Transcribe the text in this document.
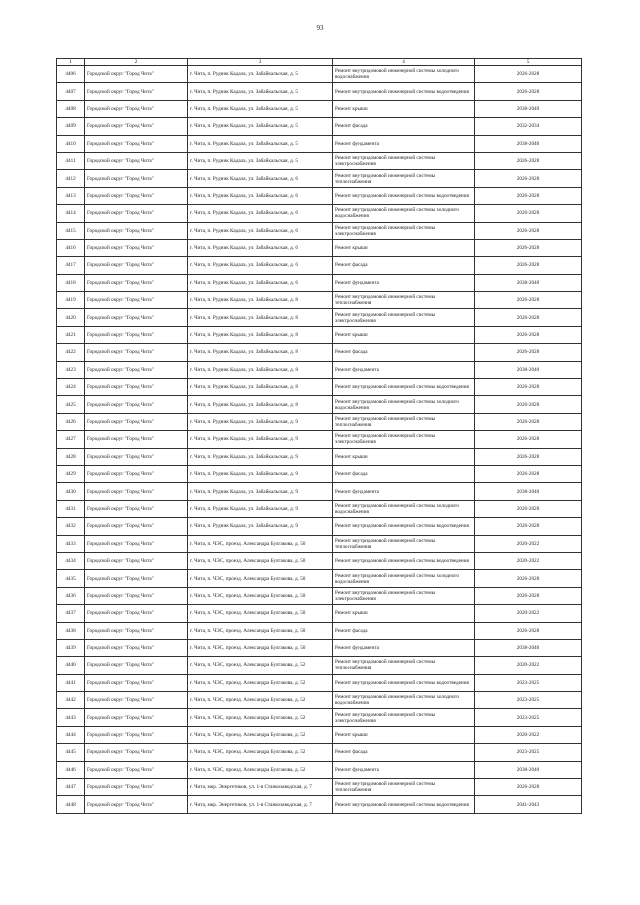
93
1	2	3	4	5
4406	Городской округ "Город Чита"	г. Чита, п. Рудник Кадала, ул. Забайкальская, д. 5	Ремонт внутридомовой инженерной системы холодного водоснабжения	2026-2028
4407	Городской округ "Город Чита"	г. Чита, п. Рудник Кадала, ул. Забайкальская, д. 5	Ремонт внутридомовой инженерной системы водоотведения	2026-2028
4408	Городской округ "Город Чита"	г. Чита, п. Рудник Кадала, ул. Забайкальская, д. 5	Ремонт крыши	2038-2040
4409	Городской округ "Город Чита"	г. Чита, п. Рудник Кадала, ул. Забайкальская, д. 5	Ремонт фасада	2032-2034
4410	Городской округ "Город Чита"	г. Чита, п. Рудник Кадала, ул. Забайкальская, д. 5	Ремонт фундамента	2038-2040
4411	Городской округ "Город Чита"	г. Чита, п. Рудник Кадала, ул. Забайкальская, д. 5	Ремонт внутридомовой инженерной системы электроснабжения	2026-2028
4412	Городской округ "Город Чита"	г. Чита, п. Рудник Кадала, ул. Забайкальская, д. 6	Ремонт внутридомовой инженерной системы теплоснабжения	2026-2028
4413	Городской округ "Город Чита"	г. Чита, п. Рудник Кадала, ул. Забайкальская, д. 6	Ремонт внутридомовой инженерной системы водоотведения	2026-2028
4414	Городской округ "Город Чита"	г. Чита, п. Рудник Кадала, ул. Забайкальская, д. 6	Ремонт внутридомовой инженерной системы холодного водоснабжения	2026-2028
4415	Городской округ "Город Чита"	г. Чита, п. Рудник Кадала, ул. Забайкальская, д. 6	Ремонт внутридомовой инженерной системы электроснабжения	2026-2028
4416	Городской округ "Город Чита"	г. Чита, п. Рудник Кадала, ул. Забайкальская, д. 6	Ремонт крыши	2026-2028
4417	Городской округ "Город Чита"	г. Чита, п. Рудник Кадала, ул. Забайкальская, д. 6	Ремонт фасада	2026-2028
4418	Городской округ "Город Чита"	г. Чита, п. Рудник Кадала, ул. Забайкальская, д. 6	Ремонт фундамента	2038-2040
4419	Городской округ "Город Чита"	г. Чита, п. Рудник Кадала, ул. Забайкальская, д. 8	Ремонт внутридомовой инженерной системы теплоснабжения	2026-2028
4420	Городской округ "Город Чита"	г. Чита, п. Рудник Кадала, ул. Забайкальская, д. 8	Ремонт внутридомовой инженерной системы электроснабжения	2026-2028
4421	Городской округ "Город Чита"	г. Чита, п. Рудник Кадала, ул. Забайкальская, д. 8	Ремонт крыши	2026-2028
4422	Городской округ "Город Чита"	г. Чита, п. Рудник Кадала, ул. Забайкальская, д. 8	Ремонт фасада	2026-2028
4423	Городской округ "Город Чита"	г. Чита, п. Рудник Кадала, ул. Забайкальская, д. 8	Ремонт фундамента	2038-2040
4424	Городской округ "Город Чита"	г. Чита, п. Рудник Кадала, ул. Забайкальская, д. 8	Ремонт внутридомовой инженерной системы водоотведения	2026-2028
4425	Городской округ "Город Чита"	г. Чита, п. Рудник Кадала, ул. Забайкальская, д. 8	Ремонт внутридомовой инженерной системы холодного водоснабжения	2026-2028
4426	Городской округ "Город Чита"	г. Чита, п. Рудник Кадала, ул. Забайкальская, д. 9	Ремонт внутридомовой инженерной системы теплоснабжения	2026-2028
4427	Городской округ "Город Чита"	г. Чита, п. Рудник Кадала, ул. Забайкальская, д. 9	Ремонт внутридомовой инженерной системы электроснабжения	2026-2028
4428	Городской округ "Город Чита"	г. Чита, п. Рудник Кадала, ул. Забайкальская, д. 9	Ремонт крыши	2026-2028
4429	Городской округ "Город Чита"	г. Чита, п. Рудник Кадала, ул. Забайкальская, д. 9	Ремонт фасада	2026-2028
4430	Городской округ "Город Чита"	г. Чита, п. Рудник Кадала, ул. Забайкальская, д. 9	Ремонт фундамента	2038-2040
4431	Городской округ "Город Чита"	г. Чита, п. Рудник Кадала, ул. Забайкальская, д. 9	Ремонт внутридомовой инженерной системы холодного водоснабжения	2026-2028
4432	Городской округ "Город Чита"	г. Чита, п. Рудник Кадала, ул. Забайкальская, д. 9	Ремонт внутридомовой инженерной системы водоотведения	2026-2028
4433	Городской округ "Город Чита"	г. Чита, п. ЧЭС, проезд. Александра Булгакова, д. 50	Ремонт внутридомовой инженерной системы теплоснабжения	2020-2022
4434	Городской округ "Город Чита"	г. Чита, п. ЧЭС, проезд. Александра Булгакова, д. 50	Ремонт внутридомовой инженерной системы водоотведения	2020-2022
4435	Городской округ "Город Чита"	г. Чита, п. ЧЭС, проезд. Александра Булгакова, д. 50	Ремонт внутридомовой инженерной системы холодного водоснабжения	2026-2028
4436	Городской округ "Город Чита"	г. Чита, п. ЧЭС, проезд. Александра Булгакова, д. 50	Ремонт внутридомовой инженерной системы электроснабжения	2026-2028
4437	Городской округ "Город Чита"	г. Чита, п. ЧЭС, проезд. Александра Булгакова, д. 50	Ремонт крыши	2020-2022
4438	Городской округ "Город Чита"	г. Чита, п. ЧЭС, проезд. Александра Булгакова, д. 50	Ремонт фасада	2026-2028
4439	Городской округ "Город Чита"	г. Чита, п. ЧЭС, проезд. Александра Булгакова, д. 50	Ремонт фундамента	2038-2040
4440	Городской округ "Город Чита"	г. Чита, п. ЧЭС, проезд. Александра Булгакова, д. 52	Ремонт внутридомовой инженерной системы теплоснабжения	2020-2022
4441	Городской округ "Город Чита"	г. Чита, п. ЧЭС, проезд. Александра Булгакова, д. 52	Ремонт внутридомовой инженерной системы водоотведения	2023-2025
4442	Городской округ "Город Чита"	г. Чита, п. ЧЭС, проезд. Александра Булгакова, д. 52	Ремонт внутридомовой инженерной системы холодного водоснабжения	2023-2025
4443	Городской округ "Город Чита"	г. Чита, п. ЧЭС, проезд. Александра Булгакова, д. 52	Ремонт внутридомовой инженерной системы электроснабжения	2023-2025
4444	Городской округ "Город Чита"	г. Чита, п. ЧЭС, проезд. Александра Булгакова, д. 52	Ремонт крыши	2020-2022
4445	Городской округ "Город Чита"	г. Чита, п. ЧЭС, проезд. Александра Булгакова, д. 52	Ремонт фасада	2023-2025
4446	Городской округ "Город Чита"	г. Чита, п. ЧЭС, проезд. Александра Булгакова, д. 52	Ремонт фундамента	2038-2040
4447	Городской округ "Город Чита"	г. Чита, мкр. Энергетиков, ул. 1-я Станкозаводская, д. 7	Ремонт внутридомовой инженерной системы теплоснабжения	2026-2028
4448	Городской округ "Город Чита"	г. Чита, мкр. Энергетиков, ул. 1-я Станкозаводская, д. 7	Ремонт внутридомовой инженерной системы водоотведения	2041-2043
